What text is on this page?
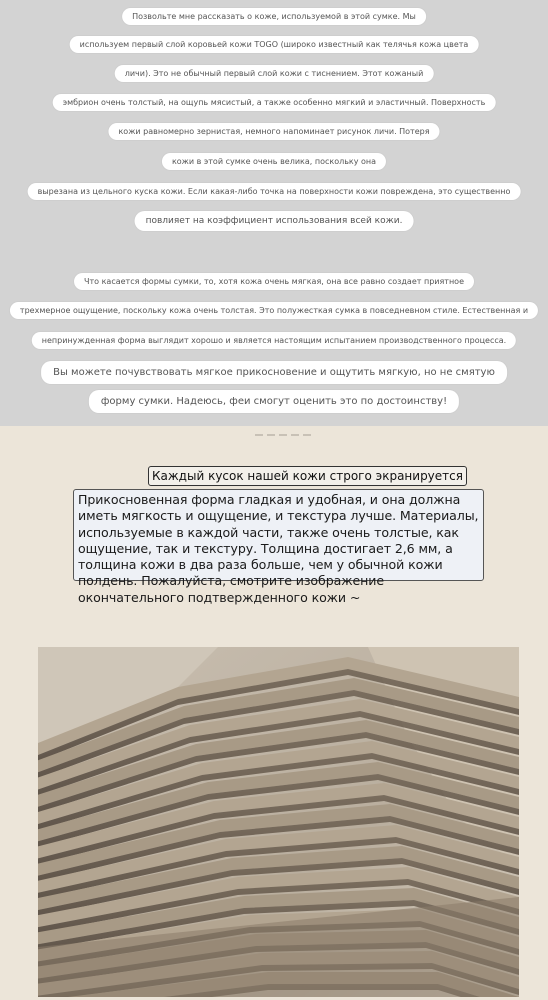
Позвольте мне рассказать о коже, используемой в этой сумке. Мы
используем первый слой коровьей кожи TOGO (широко известный как телячья кожа цвета
личи). Это не обычный первый слой кожи с тиснением. Этот кожаный
эмбрион очень толстый, на ощупь мясистый, а также особенно мягкий и эластичный. Поверхность
кожи равномерно зернистая, немного напоминает рисунок личи. Потеря
кожи в этой сумке очень велика, поскольку она
вырезана из цельного куска кожи. Если какая-либо точка на поверхности кожи повреждена, это существенно
повлияет на коэффициент использования всей кожи.
Что касается формы сумки, то, хотя кожа очень мягкая, она все равно создает приятное
трехмерное ощущение, поскольку кожа очень толстая. Это полужесткая сумка в повседневном стиле. Естественная и
непринужденная форма выглядит хорошо и является настоящим испытанием производственного процесса.
Вы можете почувствовать мягкое прикосновение и ощутить мягкую, но не смятую
форму сумки. Надеюсь, феи смогут оценить это по достоинству!
Каждый кусок нашей кожи строго экранируется
Прикосновенная форма гладкая и удобная, и она должна иметь мягкость и ощущение, и текстура лучше. Материалы, используемые в каждой части, также очень толстые, как ощущение, так и текстуру. Толщина достигает 2,6 мм, а толщина кожи в два раза больше, чем у обычной кожи полдень. Пожалуйста, смотрите изображение окончательного подтвержденного кожи ~
